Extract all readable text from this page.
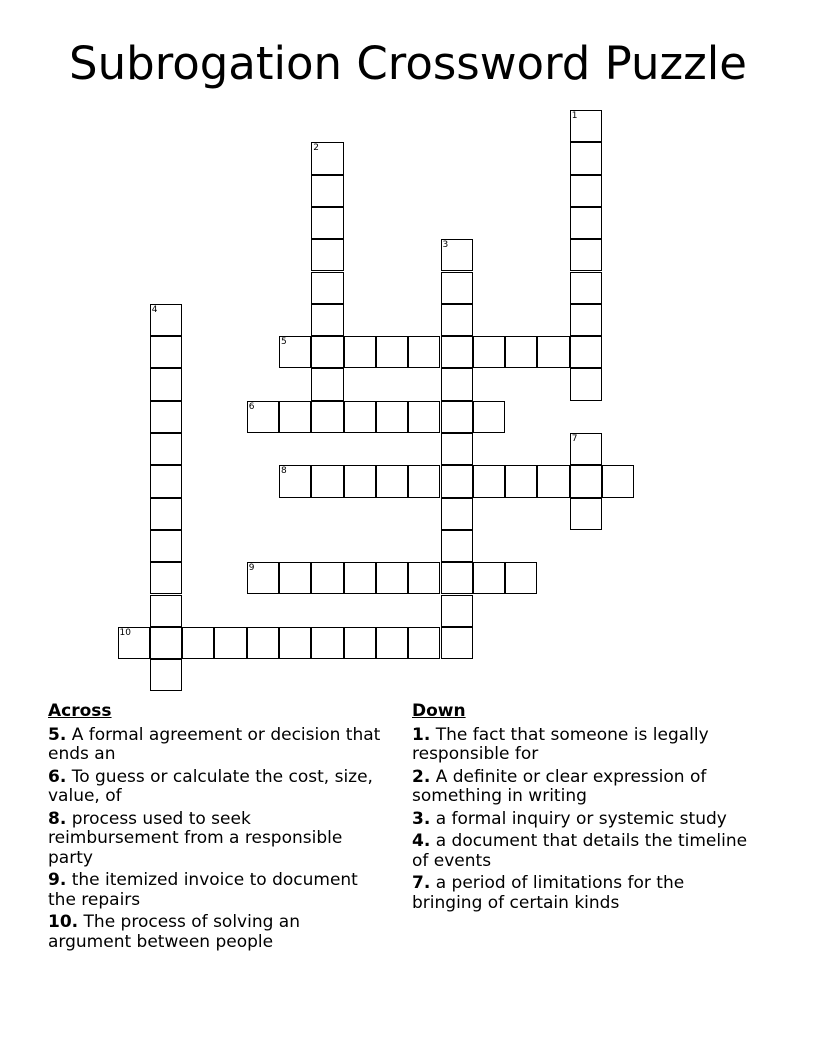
Subrogation Crossword Puzzle
1
2
3
4
5
6
7
8
9
10
Across
5. A formal agreement or decision that ends an
6. To guess or calculate the cost, size, value, of
8. process used to seek reimbursement from a responsible party
9. the itemized invoice to document the repairs
10. The process of solving an argument between people
Down
1. The fact that someone is legally responsible for
2. A definite or clear expression of something in writing
3. a formal inquiry or systemic study
4. a document that details the timeline of events
7. a period of limitations for the bringing of certain kinds
